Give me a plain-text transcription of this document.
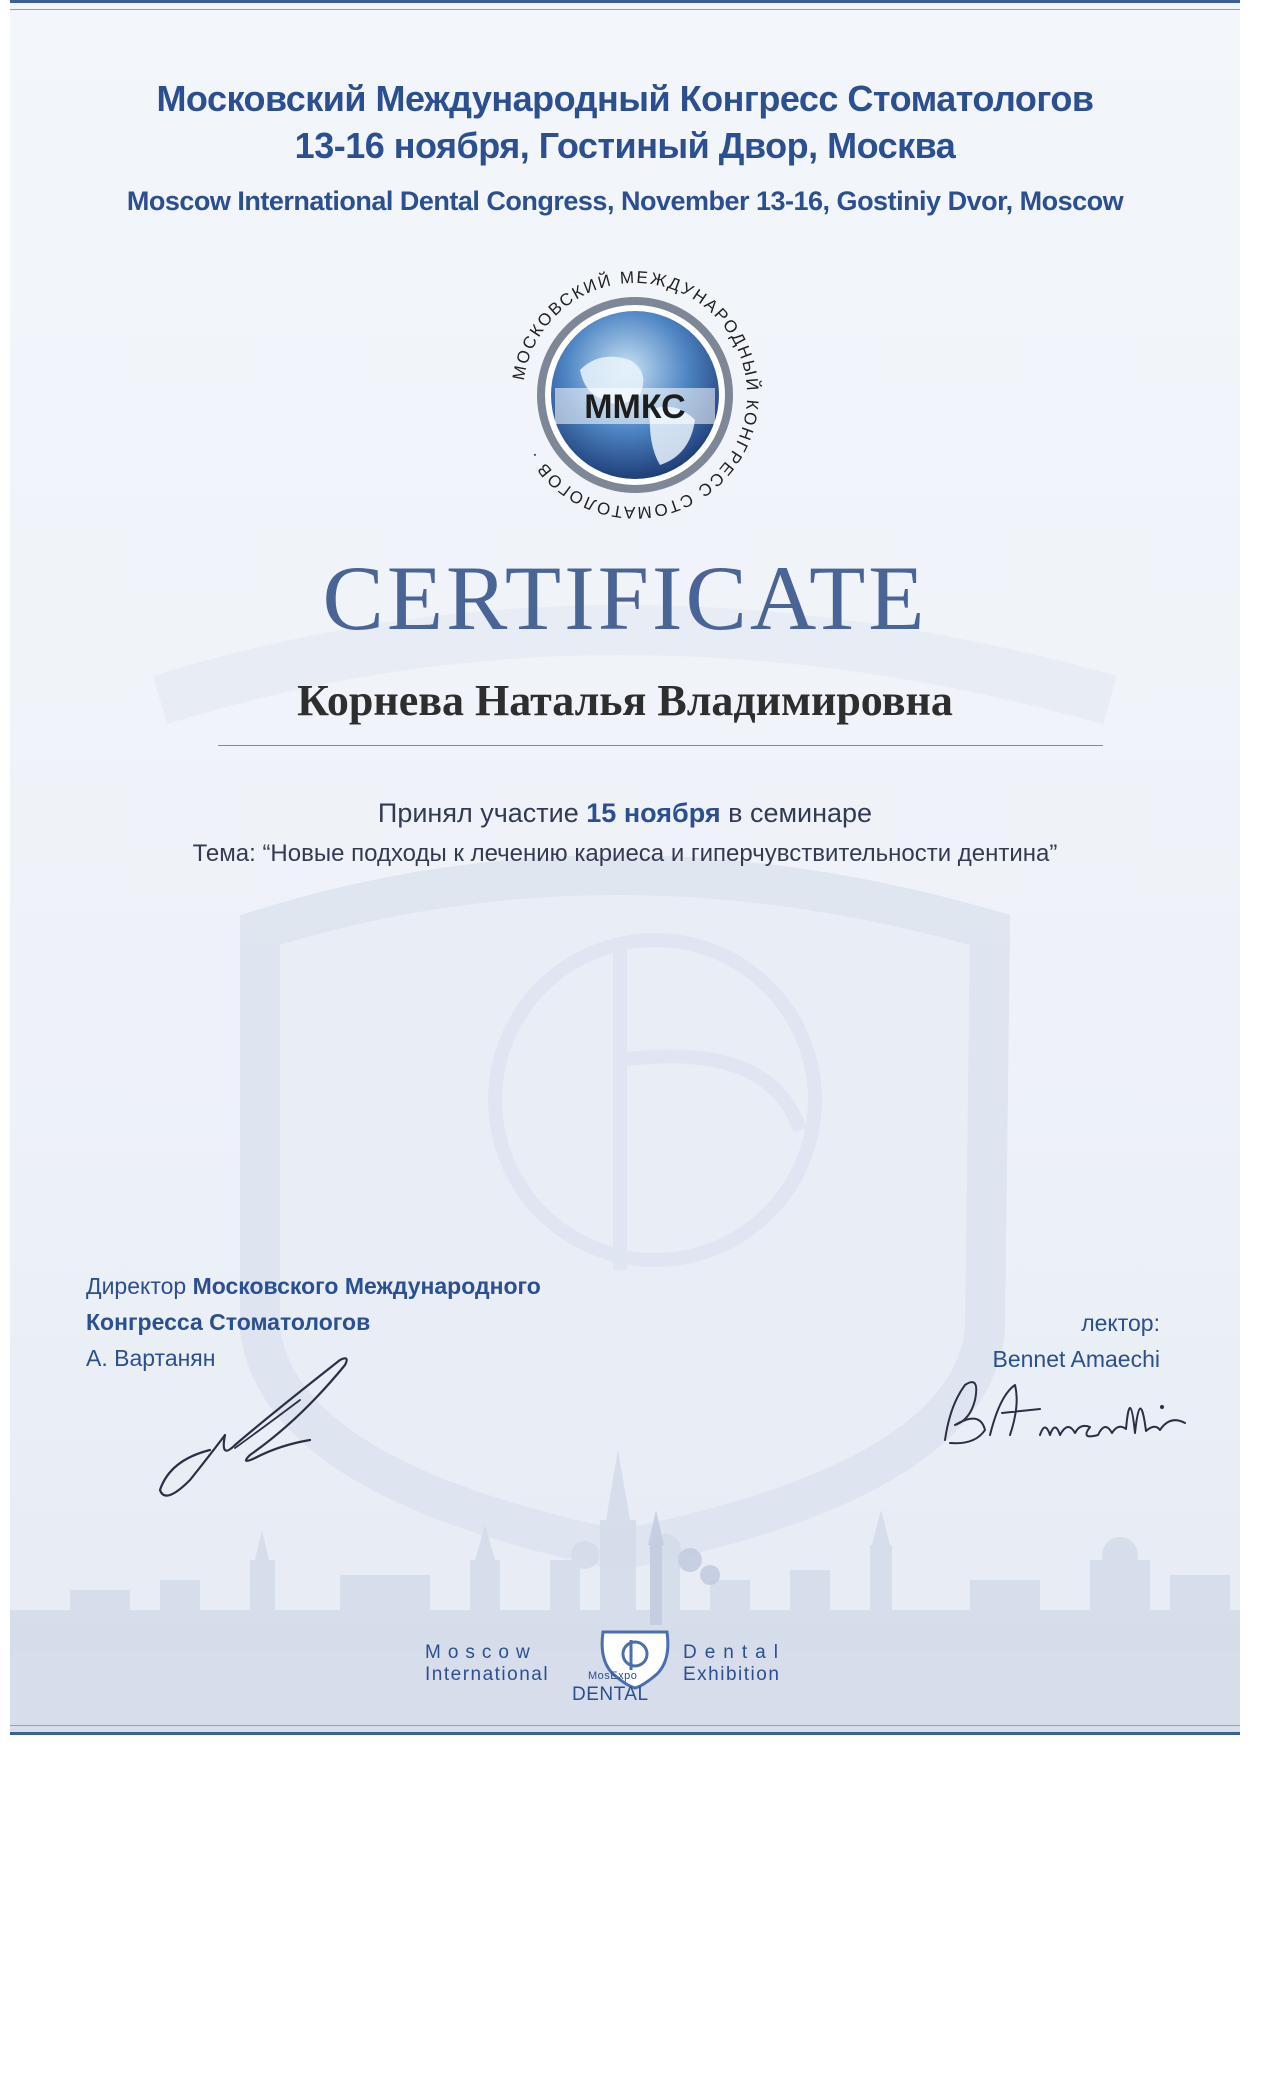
Московский Международный Конгресс Стоматологов
13-16 ноября, Гостиный Двор, Москва
Moscow International Dental Congress, November 13-16, Gostiniy Dvor, Moscow
ММКС
МОСКОВСКИЙ МЕЖДУНАРОДНЫЙ КОНГРЕСС СТОМАТОЛОГОВ ·
CERTIFICATE
Корнева Наталья Владимировна
Принял участие 15 ноября в семинаре
Тема: “Новые подходы к лечению кариеса и гиперчувствительности дентина”
Директор Московского Международного
Конгресса Стоматологов
А. Вартанян
лектор:
Bennet Amaechi
Moscow
International
Dental
Exhibition
MosExpo
DENTAL
